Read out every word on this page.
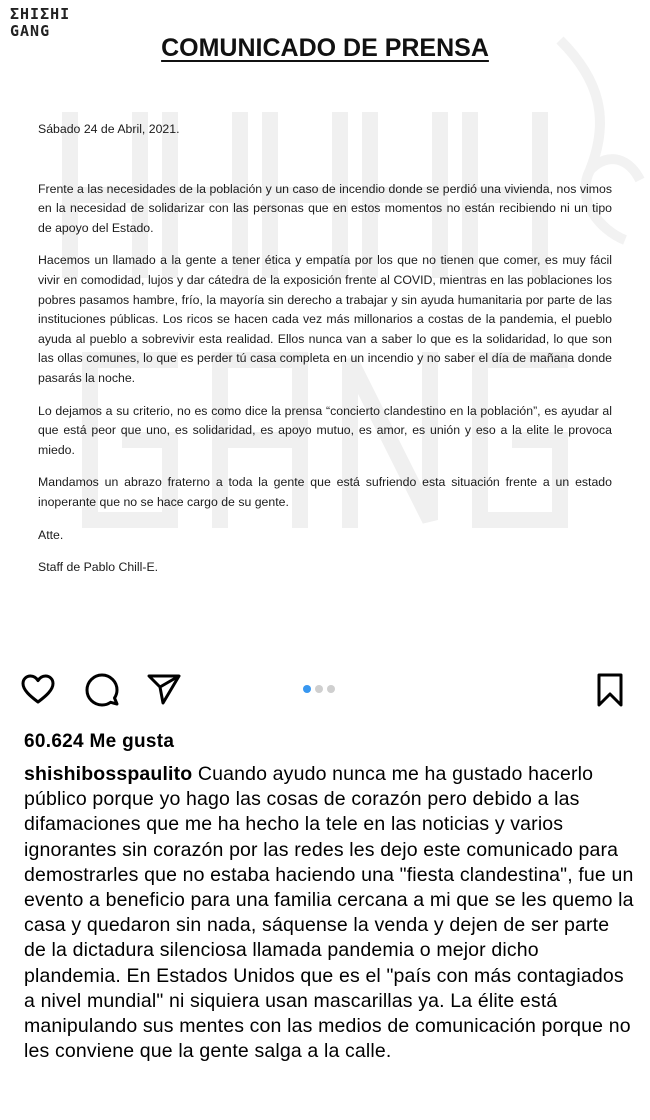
ƩHIƩHI
GANG
COMUNICADO DE PRENSA

Sábado 24 de Abril, 2021.

Frente a las necesidades de la población y un caso de incendio donde se perdió una vivienda, nos vimos en la necesidad de solidarizar con las personas que en estos momentos no están recibiendo ni un tipo de apoyo del Estado.

Hacemos un llamado a la gente a tener ética y empatía por los que no tienen que comer, es muy fácil vivir en comodidad, lujos y dar cátedra de la exposición frente al COVID, mientras en las poblaciones los pobres pasamos hambre, frío, la mayoría sin derecho a trabajar y sin ayuda humanitaria por parte de las instituciones públicas. Los ricos se hacen cada vez más millonarios a costas de la pandemia, el pueblo ayuda al pueblo a sobrevivir esta realidad. Ellos nunca van a saber lo que es la solidaridad, lo que son las ollas comunes, lo que es perder tú casa completa en un incendio y no saber el día de mañana donde pasarás la noche.

Lo dejamos a su criterio, no es como dice la prensa “concierto clandestino en la población”, es ayudar al que está peor que uno, es solidaridad, es apoyo mutuo, es amor, es unión y eso a la elite le provoca miedo.

Mandamos un abrazo fraterno a toda la gente que está sufriendo esta situación frente a un estado inoperante que no se hace cargo de su gente.

Atte.

Staff de Pablo Chill-E.

60.624 Me gusta
shishibosspaulito Cuando ayudo nunca me ha gustado hacerlo público porque yo hago las cosas de corazón pero debido a las difamaciones que me ha hecho la tele en las noticias y varios ignorantes sin corazón por las redes les dejo este comunicado para demostrarles que no estaba haciendo una "fiesta clandestina", fue un evento a beneficio para una familia cercana a mi que se les quemo la casa y quedaron sin nada, sáquense la venda y dejen de ser parte de la dictadura silenciosa llamada pandemia o mejor dicho plandemia. En Estados Unidos que es el "país con más contagiados a nivel mundial" ni siquiera usan mascarillas ya. La élite está manipulando sus mentes con las medios de comunicación porque no les conviene que la gente salga a la calle.
